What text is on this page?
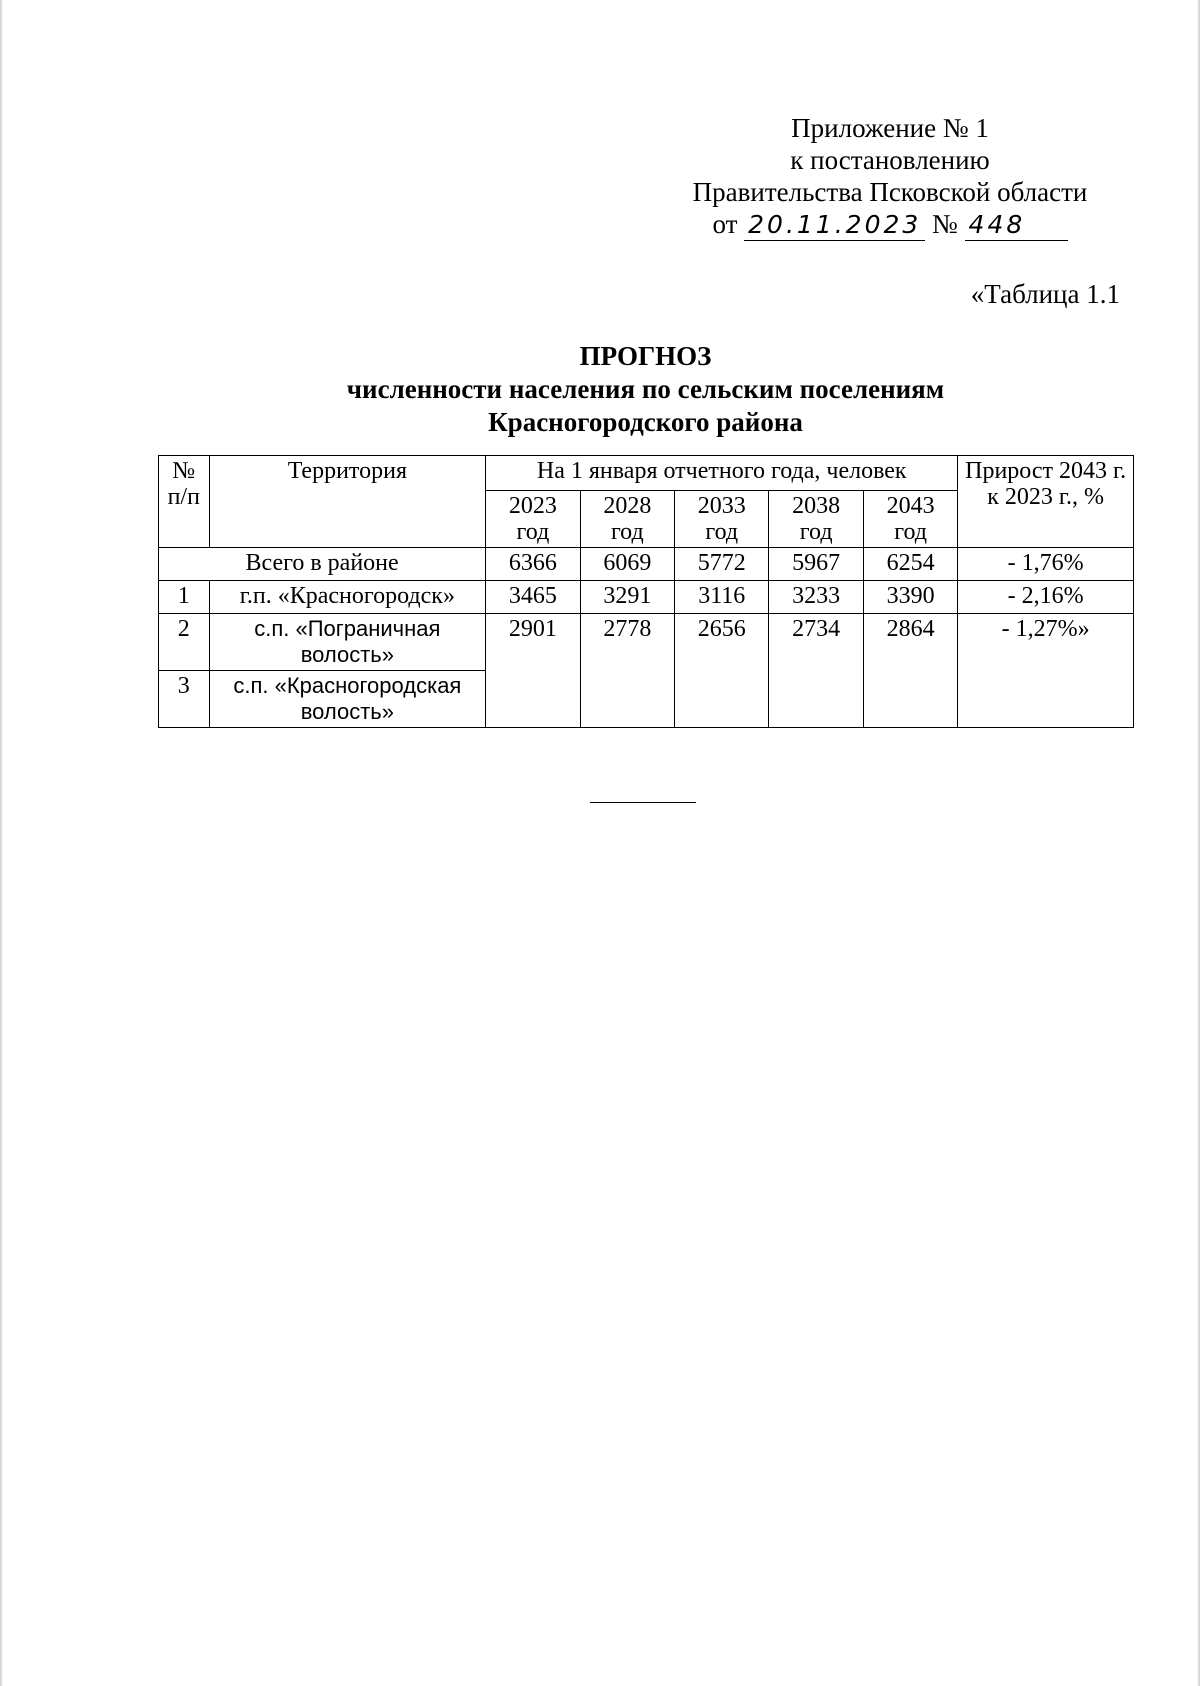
Приложение № 1
к постановлению
Правительства Псковской области
от 20.11.2023 № 448
«Таблица 1.1
ПРОГНОЗ
численности населения по сельским поселениям
Красногородского района
№ п/п	Территория	На 1 января отчетного года, человек					Прирост 2043 г. к 2023 г., %
		2023 год	2028 год	2033 год	2038 год	2043 год	
Всего в районе		6366	6069	5772	5967	6254	- 1,76%
1	г.п. «Красногородск»	3465	3291	3116	3233	3390	- 2,16%
2	с.п. «Пограничная волость»	2901	2778	2656	2734	2864	- 1,27%»
3	с.п. «Красногородская волость»						
